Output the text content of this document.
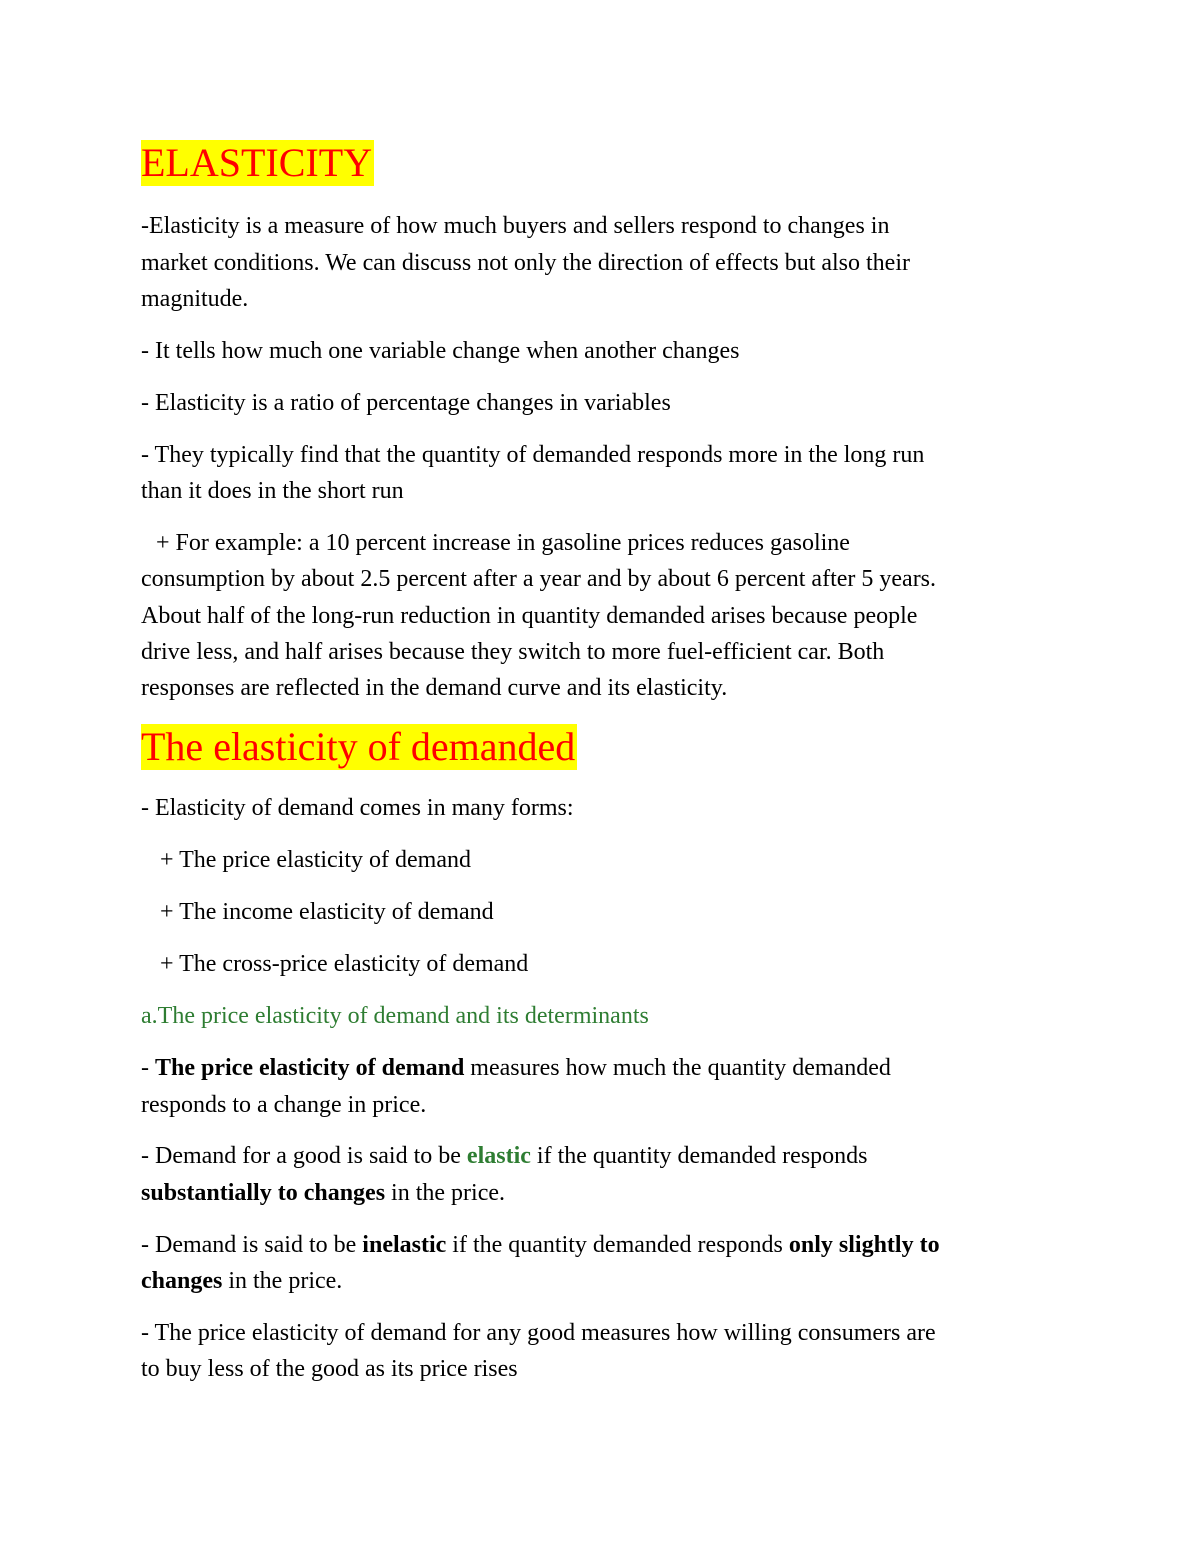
ELASTICITY
-Elasticity is a measure of how much buyers and sellers respond to changes in
market conditions. We can discuss not only the direction of effects but also their
magnitude.
- It tells how much one variable change when another changes
- Elasticity is a ratio of percentage changes in variables
- They typically find that the quantity of demanded responds more in the long run
than it does in the short run
+ For example: a 10 percent increase in gasoline prices reduces gasoline
consumption by about 2.5 percent after a year and by about 6 percent after 5 years.
About half of the long-run reduction in quantity demanded arises because people
drive less, and half arises because they switch to more fuel-efficient car. Both
responses are reflected in the demand curve and its elasticity.
The elasticity of demanded
- Elasticity of demand comes in many forms:
+ The price elasticity of demand
+ The income elasticity of demand
+ The cross-price elasticity of demand
a.The price elasticity of demand and its determinants
- The price elasticity of demand measures how much the quantity demanded
responds to a change in price.
- Demand for a good is said to be elastic if the quantity demanded responds
substantially to changes in the price.
- Demand is said to be inelastic if the quantity demanded responds only slightly to
changes in the price.
- The price elasticity of demand for any good measures how willing consumers are
to buy less of the good as its price rises
